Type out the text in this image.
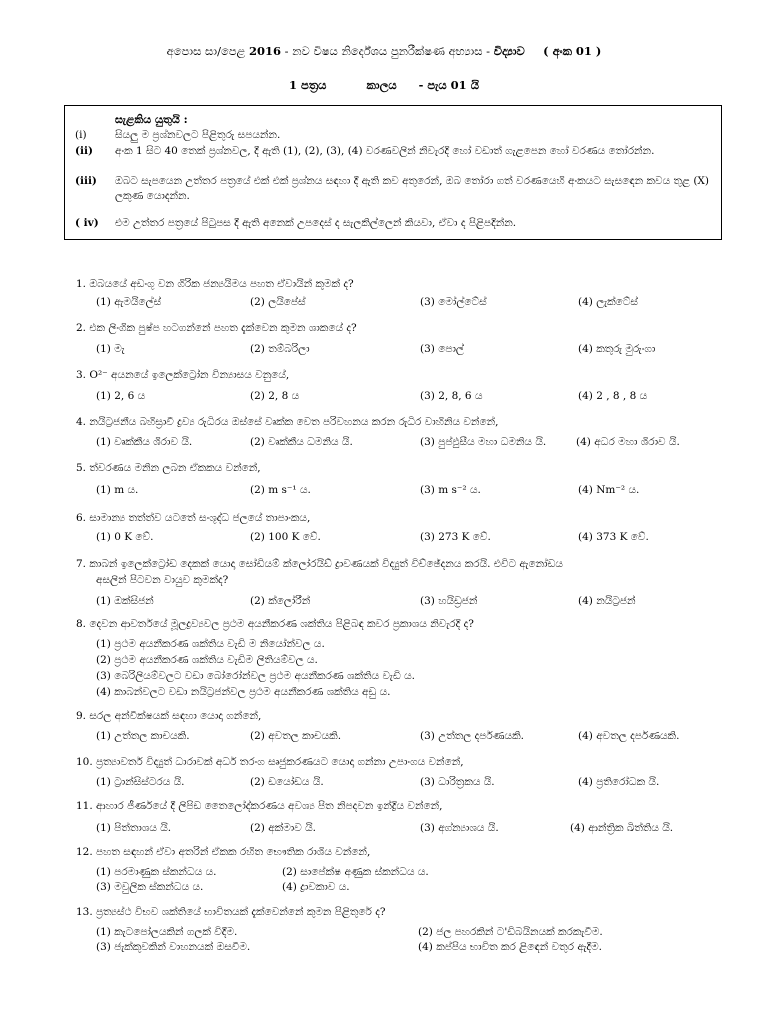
අපොස සා/පෙළ 2016 - නව විෂය නිර්දේශය පුනරීක්ෂණ අභ්‍යාස - විද්‍යාව ( අංක 01 )
1 පත්‍රය	කාලය - පැය 01 යි
සැළකිය යුතුයි :
(i)	සියලු ම ප්‍රශ්නවලට පිළිතුරු සපයන්න.
(ii)	අංක 1 සිට 40 තෙක් ප්‍රශ්නවල, දී ඇති (1), (2), (3), (4) වරණවලින් නිවැරදි හෝ වඩාත් ගැළපෙන හෝ වරණය තෝරන්න.
(iii)	ඔබට සැපයෙන උත්තර පත්‍රයේ එක් එක් ප්‍රශ්නය සඳහා දී ඇති කව අතුරෙන්, ඔබ තෝරා ගත් වරණයෙහි අංකයට සැසඳෙන කවය තුළ (X) ලකුණ යොදන්න.
( iv)	එම උත්තර පත්‍රයේ පිටුපස දී ඇති අනෙක් උපදෙස් ද සැලකිල්ලෙන් කියවා, ඒවා ද පිළිපදින්න.
1. ඔබයයේ අඩංගු වන ගිරික ජන්‍යයිමය පහත ඒවායින් කුමක් ද?
(1) ඇමයිලේස්	(2) ලයිපේස්	(3) මෝල්ටේස්	(4) ලැක්ටේස්
2. එක ලිංගික පුෂ්ප හටගන්නේ පහත දැක්වෙන කුමන ශාකයේ ද?
(1) මැ	(2) තම්බරිලා	(3) පොල්	(4) කතුරු මුරුංගා
3. O²⁻ අයනයේ ඉලෙක්ට්‍රෝන වින්‍යාසය වනුයේ,
(1) 2, 6 ය	(2) 2, 8 ය	(3) 2, 8, 6 ය	(4) 2 , 8 , 8 ය
4. නයිට්‍රජනීය බහිස්‍රාවී ද්‍රව්‍ය රුධිරය ඔස්සේ වෘක්ක වෙත පරිවහනය කරන රුධිර වාහිනිය වන්නේ,
(1) වෘක්කීය ශිරාව යි.	(2) වෘක්කීය ධමනිය යි.	(3) පුප්ඵුසීය මහා ධමනිය යි.	(4) අධර මහා ශිරාව යි.
5. ත්වරණය මනින ලබන ඒකකය වන්නේ,
(1) m ය.	(2) m s⁻¹ ය.	(3) m s⁻² ය.	(4) Nm⁻² ය.
6. සාමාන්‍ය තත්ත්ව යටතේ සංශුද්ධ ජලයේ තාපාංකය,
(1) 0 K වේ.	(2) 100 K වේ.	(3) 273 K වේ.	(4) 373 K වේ.
7. කාබන් ඉලෙක්ට්‍රෝඩ දෙකක් යොදා සෝඩියම් ක්ලෝරයිඩ් ද්‍රාවණයක් විද්‍යුත් විච්ඡේදනය කරයි. එවිට ඇනෝඩය
අසලින් පිටවන වායුව කුමක්ද?
(1) ඔක්සිජන්	(2) ක්ලෝරීන්	(3) හයිඩ්‍රජන්	(4) නයිට්‍රජන්
8. දෙවන ආවර්තයේ මූලද්‍රව්‍යවල ප්‍රථම අයනීකරණ ශක්තිය පිළිබඳ කවර ප්‍රකාශය නිවැරදි ද?
(1) ප්‍රථම අයනීකරණ ශක්තිය වැඩි ම නියෝන්වල ය.
(2) ප්‍රථම අයනීකරණ ශක්තිය වැඩිම ලිතියම්වල ය.
(3) බෙරිලියම්වලට වඩා බෝරෝන්වල ප්‍රථම අයනීකරණ ශක්තිය වැඩි ය.
(4) කාබන්වලට වඩා නයිට්‍රජන්වල ප්‍රථම අයනීකරණ ශක්තිය අඩු ය.
9. සරල අන්වීක්ෂයක් සඳහා යොදා ගන්නේ,
(1) උත්තල කාචයකි.	(2) අවතල කාචයකි.	(3) උත්තල දර්පණයකි.	(4) අවතල දර්පණයකි.
10. ප්‍රත්‍යාවර්ත විද්‍යුත් ධාරාවක් අර්ධ තරංග සෘජුකරණයට යොදා ගන්නා උපාංගය වන්නේ,
(1) ට්‍රාන්සිස්ටරය යි.	(2) ඩයෝඩය යි.	(3) ධාරිත්‍රකය යි.	(4) ප්‍රතිරෝධක යි.
11. ආහාර ජීර්ණයේ දී ලිපිඩ තෛලෝද්කරණය අවශ්‍ය පිත නිපදවන ඉන්ද්‍රිය වන්නේ,
(1) පිත්තාශය යි.	(2) අක්මාව යි.	(3) අග්න්‍යාශය යි.	(4) ආන්ත්‍රික ඛිත්තිය යි.
12. පහත සඳහන් ඒවා අතරින් ඒකක රහිත භෞතික රාශිය වන්නේ,
(1) පරමාණුක ස්කන්ධය ය.	(2) සාපේක්ෂ අණුක ස්කන්ධය ය.
(3) මවුලික ස්කන්ධය ය.	(4) ද්‍රාවකාව ය.
13. ප්‍රත්‍යස්ථ විභව ශක්තියේ භාවිතයක් දැක්වෙන්නේ කුමන පිළිතුරේ ද?
(1) කැටපෝලයකින් ගලක් විදීම.	(2) ජල පහරකින් ට'ඩිබයිනයක් කරකැවීම.
(3) ජැක්කුවකින් වාහනයක් ඔසවීම.	(4) කප්පිය භාවිත කර ළිඳෙන් වතුර ඇදීම.
